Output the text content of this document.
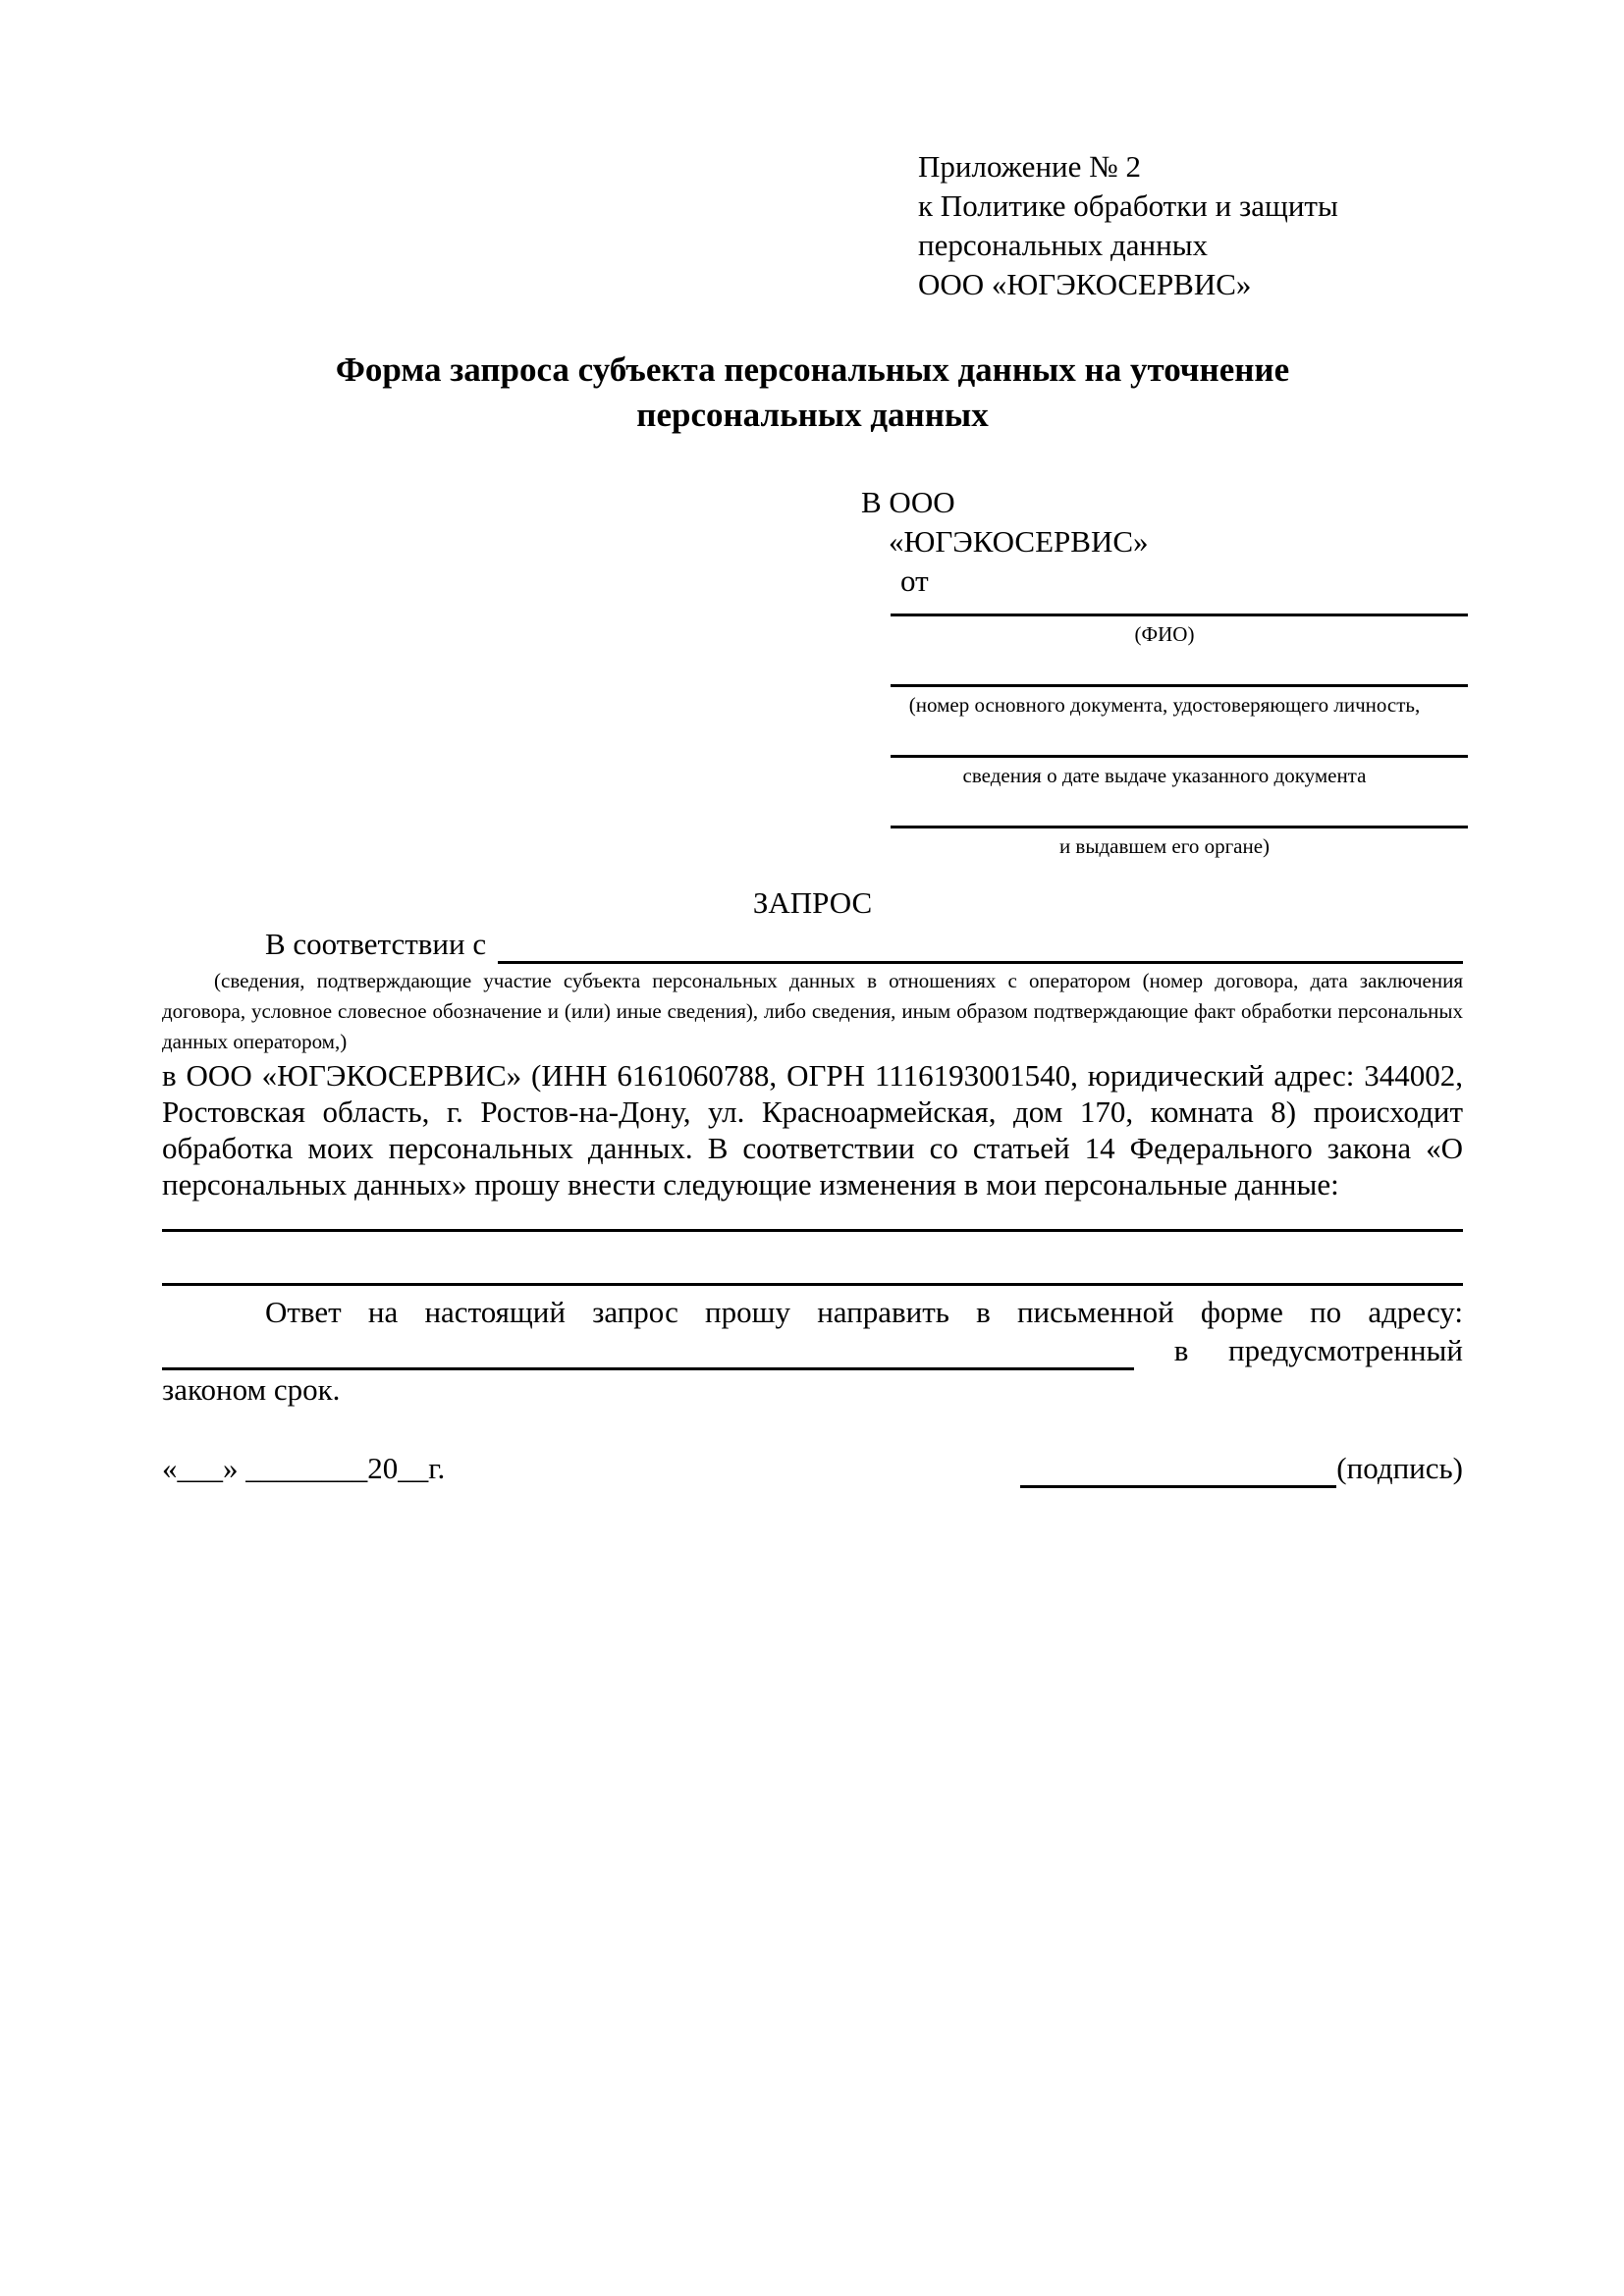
Приложение № 2
к Политике обработки и защиты персональных данных
ООО «ЮГЭКОСЕРВИС»
Форма запроса субъекта персональных данных на уточнение персональных данных
В ООО
«ЮГЭКОСЕРВИС»
от
(ФИО)
(номер основного документа, удостоверяющего личность,
сведения о дате выдаче указанного документа
и выдавшем его органе)
ЗАПРОС
В соответствии с
(сведения, подтверждающие участие субъекта персональных данных в отношениях с оператором (номер договора, дата заключения договора, условное словесное обозначение и (или) иные сведения), либо сведения, иным образом подтверждающие факт обработки персональных данных оператором,)
в ООО «ЮГЭКОСЕРВИС» (ИНН 6161060788, ОГРН 1116193001540, юридический адрес: 344002, Ростовская область, г. Ростов-на-Дону, ул. Красноармейская, дом 170, комната 8) происходит обработка моих персональных данных. В соответствии со статьей 14 Федерального закона «О персональных данных» прошу внести следующие изменения в мои персональные данные:
Ответ на настоящий запрос прошу направить в письменной форме по адресу:
в предусмотренный
законом срок.
«___» ________20__г.	(подпись)
